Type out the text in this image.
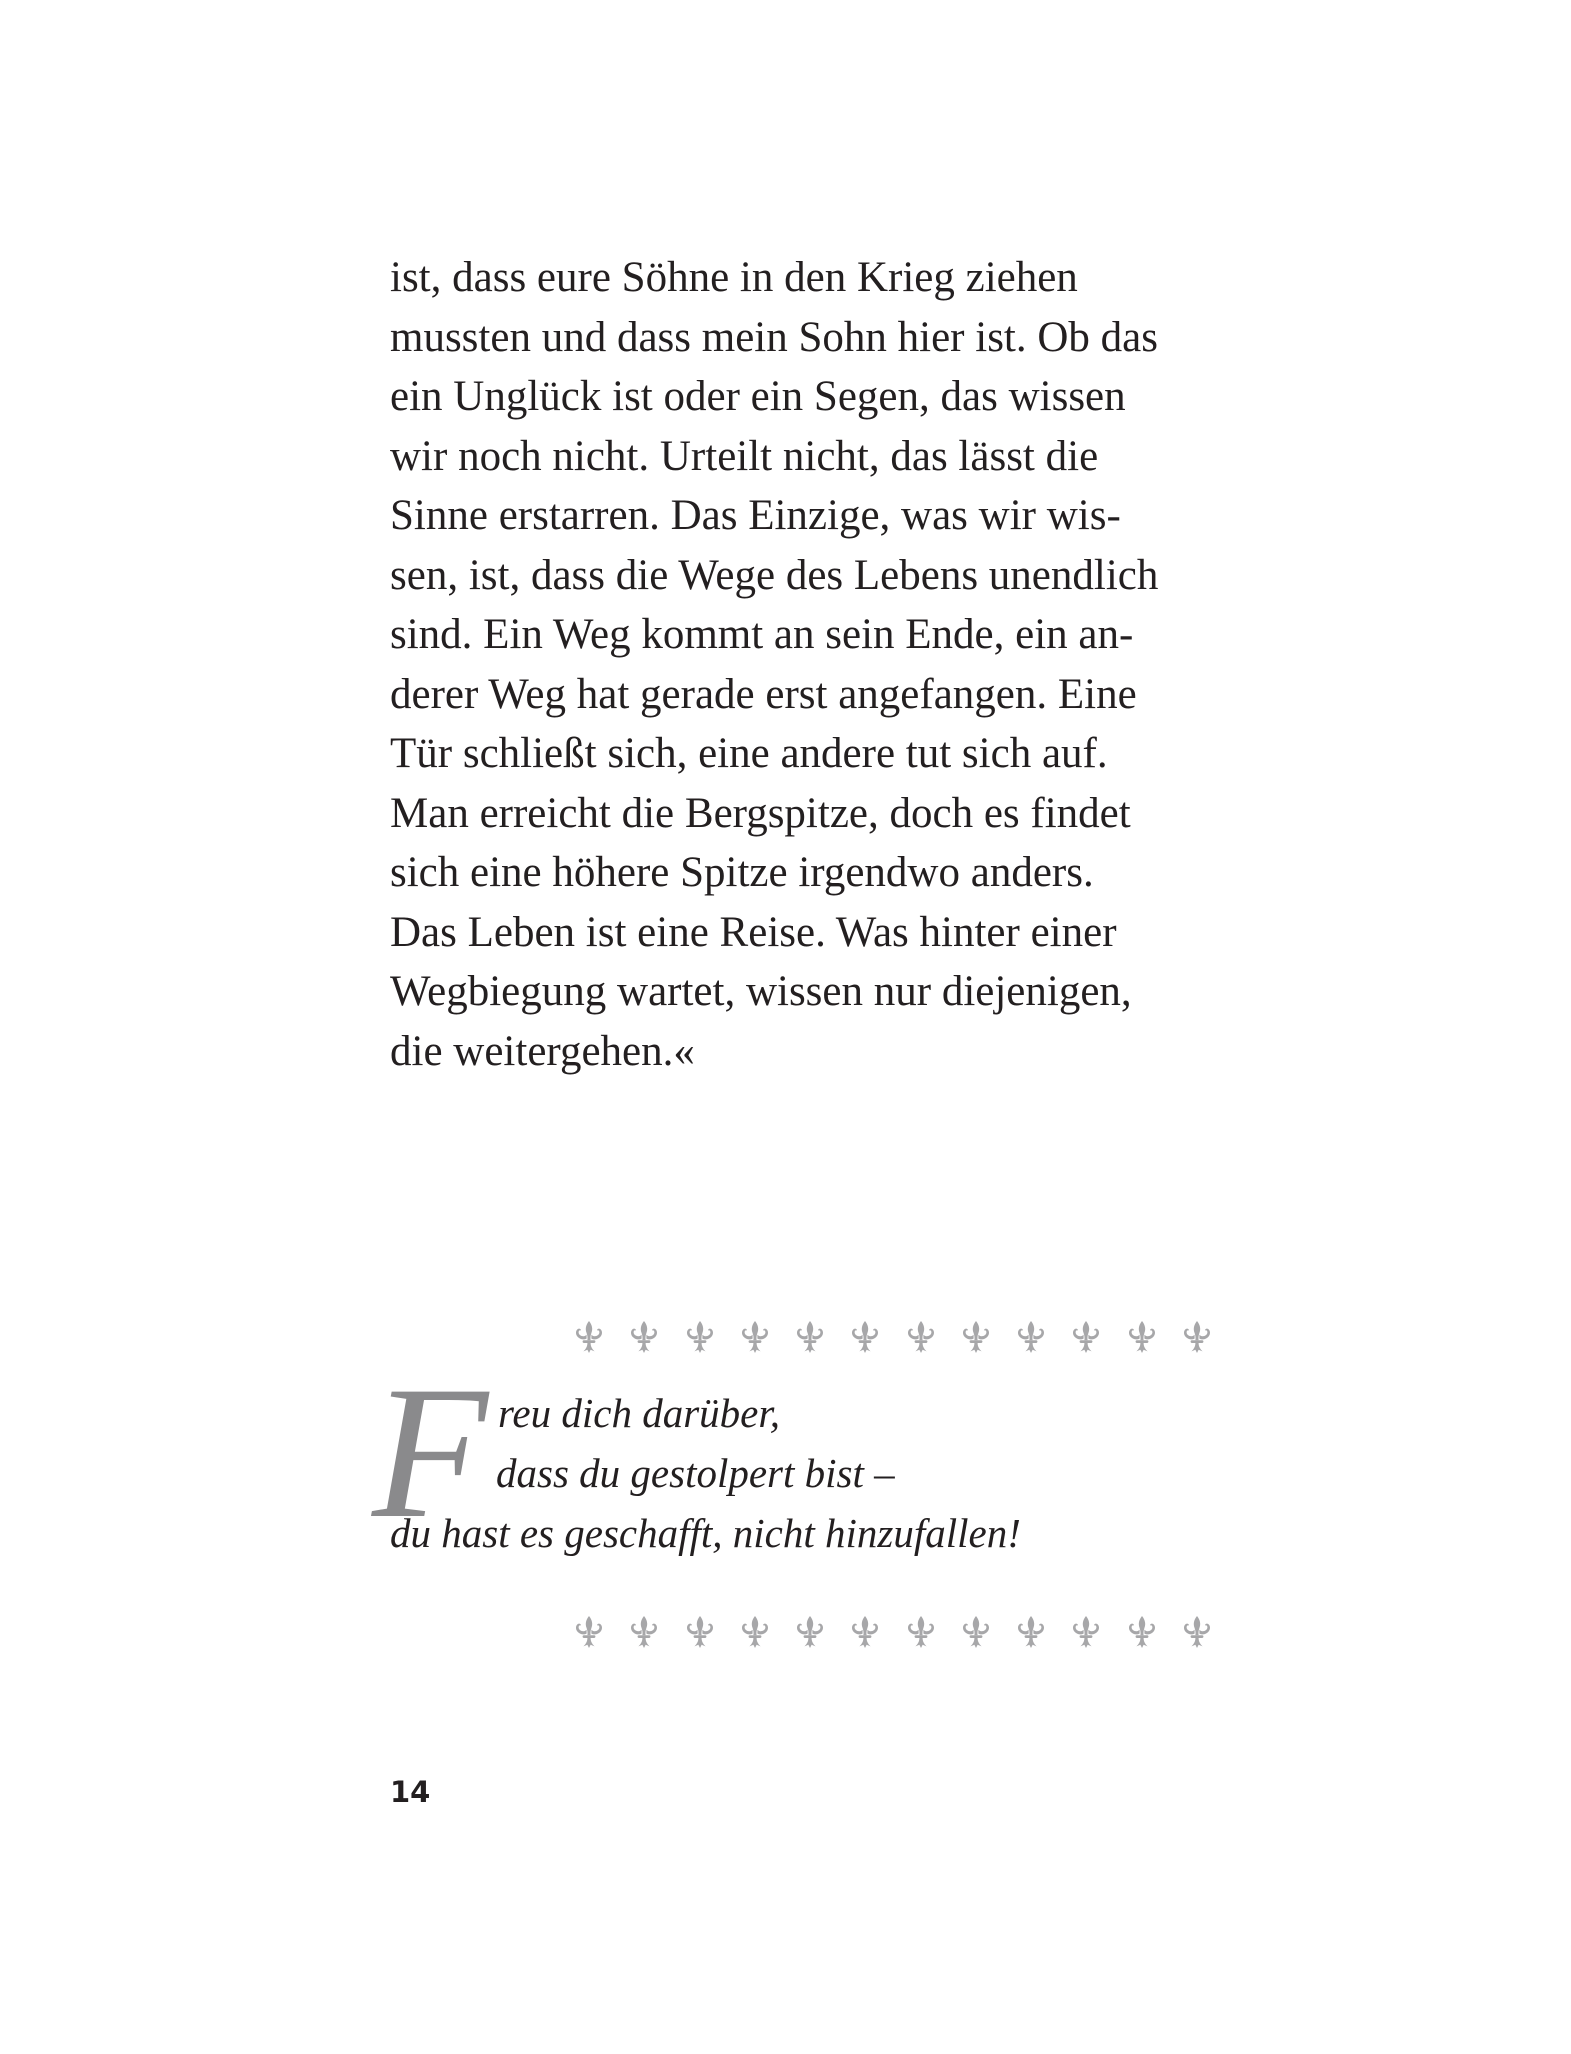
ist, dass eure Söhne in den Krieg ziehen
mussten und dass mein Sohn hier ist. Ob das
ein Unglück ist oder ein Segen, das wissen
wir noch nicht. Urteilt nicht, das lässt die
Sinne erstarren. Das Einzige, was wir wis-
sen, ist, dass die Wege des Lebens unendlich
sind. Ein Weg kommt an sein Ende, ein an-
derer Weg hat gerade erst angefangen. Eine
Tür schließt sich, eine andere tut sich auf.
Man erreicht die Bergspitze, doch es findet
sich eine höhere Spitze irgendwo anders.
Das Leben ist eine Reise. Was hinter einer
Wegbiegung wartet, wissen nur diejenigen,
die weitergehen.«
F reu dich darüber,
dass du gestolpert bist –
du hast es geschafft, nicht hinzufallen!
14
